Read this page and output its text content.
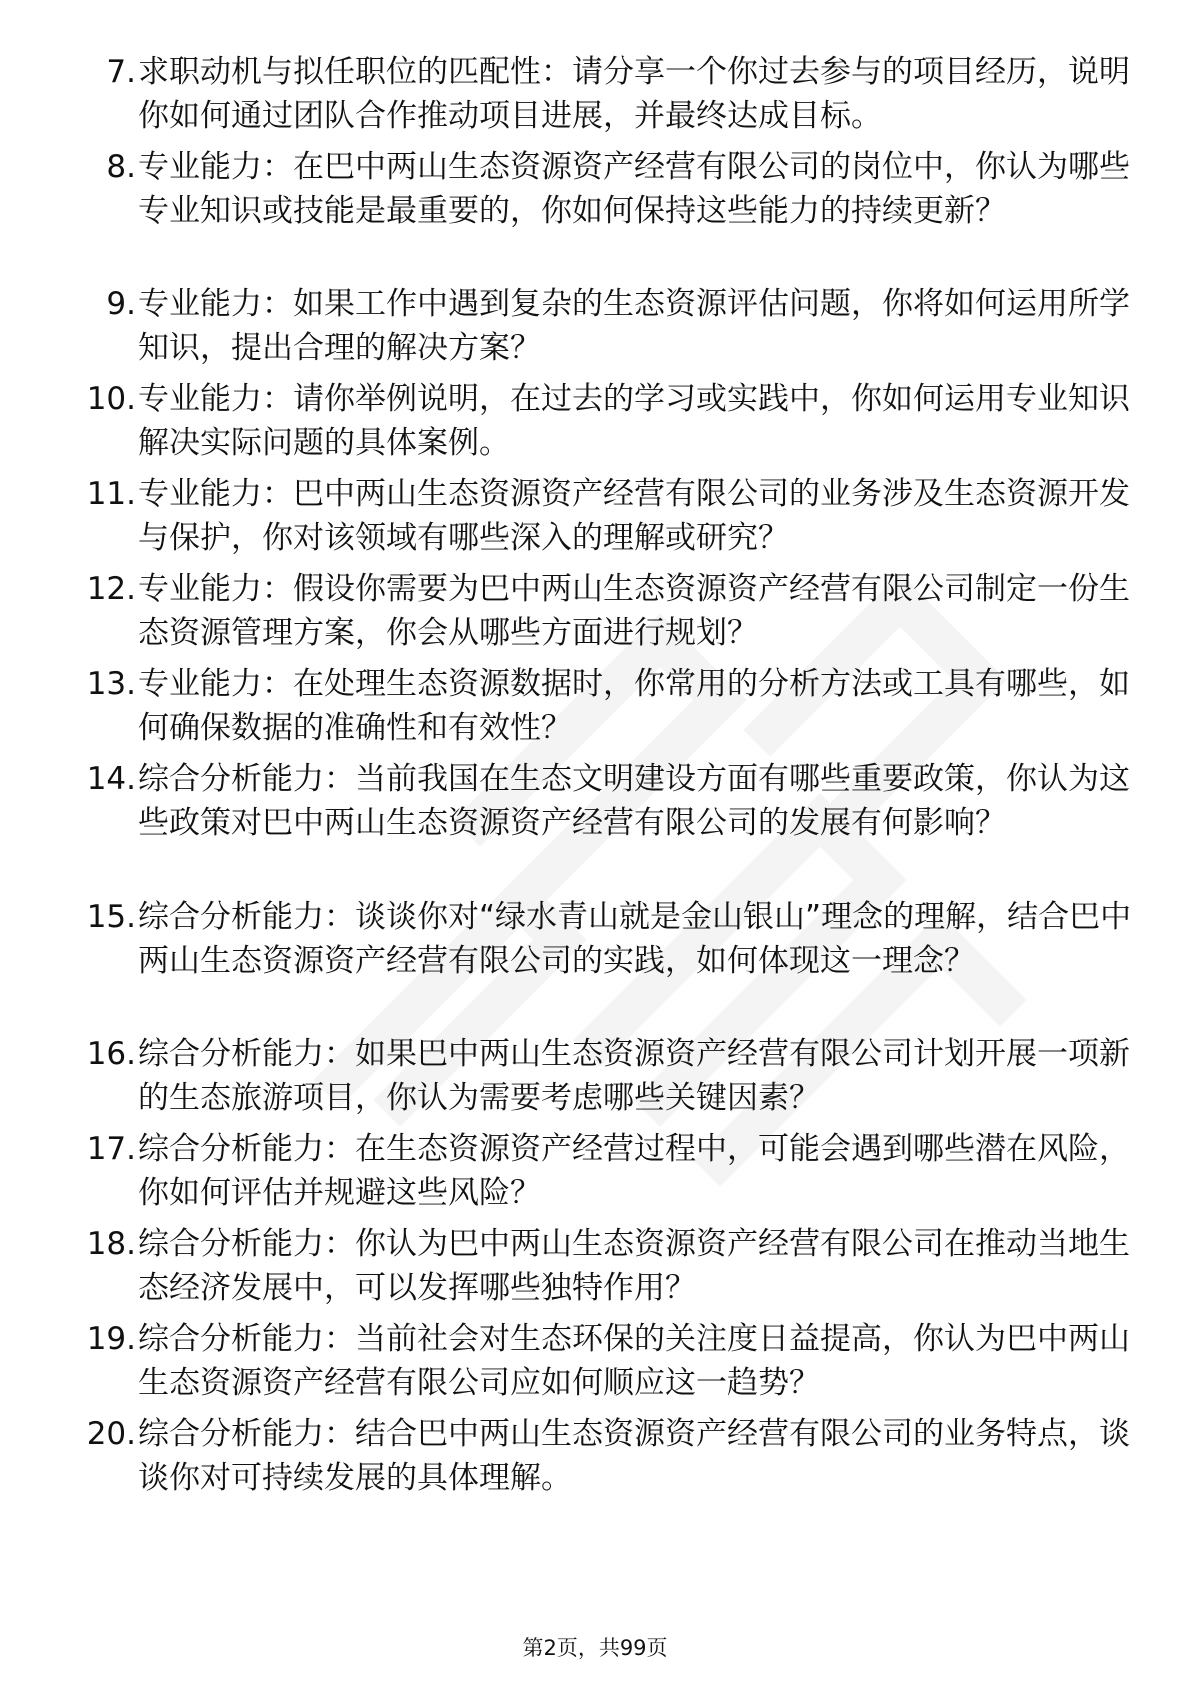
7. 求职动机与拟任职位的匹配性：请分享一个你过去参与的项目经历，说明你如何通过团队合作推动项目进展，并最终达成目标。
8. 专业能力：在巴中两山生态资源资产经营有限公司的岗位中，你认为哪些专业知识或技能是最重要的，你如何保持这些能力的持续更新？
9. 专业能力：如果工作中遇到复杂的生态资源评估问题，你将如何运用所学知识，提出合理的解决方案？
10. 专业能力：请你举例说明，在过去的学习或实践中，你如何运用专业知识解决实际问题的具体案例。
11. 专业能力：巴中两山生态资源资产经营有限公司的业务涉及生态资源开发与保护，你对该领域有哪些深入的理解或研究？
12. 专业能力：假设你需要为巴中两山生态资源资产经营有限公司制定一份生态资源管理方案，你会从哪些方面进行规划？
13. 专业能力：在处理生态资源数据时，你常用的分析方法或工具有哪些，如何确保数据的准确性和有效性？
14. 综合分析能力：当前我国在生态文明建设方面有哪些重要政策，你认为这些政策对巴中两山生态资源资产经营有限公司的发展有何影响？
15. 综合分析能力：谈谈你对“绿水青山就是金山银山”理念的理解，结合巴中两山生态资源资产经营有限公司的实践，如何体现这一理念？
16. 综合分析能力：如果巴中两山生态资源资产经营有限公司计划开展一项新的生态旅游项目，你认为需要考虑哪些关键因素？
17. 综合分析能力：在生态资源资产经营过程中，可能会遇到哪些潜在风险，你如何评估并规避这些风险？
18. 综合分析能力：你认为巴中两山生态资源资产经营有限公司在推动当地生态经济发展中，可以发挥哪些独特作用？
19. 综合分析能力：当前社会对生态环保的关注度日益提高，你认为巴中两山生态资源资产经营有限公司应如何顺应这一趋势？
20. 综合分析能力：结合巴中两山生态资源资产经营有限公司的业务特点，谈谈你对可持续发展的具体理解。
第2页，共99页
